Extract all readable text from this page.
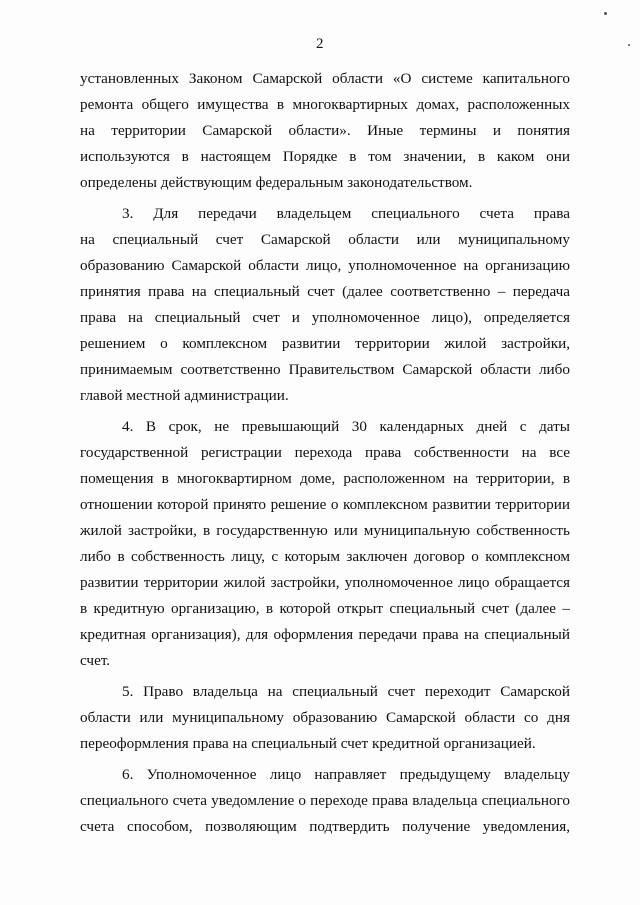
2
установленных Законом Самарской области «О системе капитального
ремонта общего имущества в многоквартирных домах, расположенных
на территории Самарской области». Иные термины и понятия
используются в настоящем Порядке в том значении, в каком они
определены действующим федеральным законодательством.
3. Для передачи владельцем специального счета права
на специальный счет Самарской области или муниципальному
образованию Самарской области лицо, уполномоченное на организацию
принятия права на специальный счет (далее соответственно – передача
права на специальный счет и уполномоченное лицо), определяется
решением о комплексном развитии территории жилой застройки,
принимаемым соответственно Правительством Самарской области либо
главой местной администрации.
4. В срок, не превышающий 30 календарных дней с даты
государственной регистрации перехода права собственности на все
помещения в многоквартирном доме, расположенном на территории, в
отношении которой принято решение о комплексном развитии территории
жилой застройки, в государственную или муниципальную собственность
либо в собственность лицу, с которым заключен договор о комплексном
развитии территории жилой застройки, уполномоченное лицо обращается
в кредитную организацию, в которой открыт специальный счет (далее –
кредитная организация), для оформления передачи права на специальный
счет.
5. Право владельца на специальный счет переходит Самарской
области или муниципальному образованию Самарской области со дня
переоформления права на специальный счет кредитной организацией.
6. Уполномоченное лицо направляет предыдущему владельцу
специального счета уведомление о переходе права владельца специального
счета способом, позволяющим подтвердить получение уведомления,
